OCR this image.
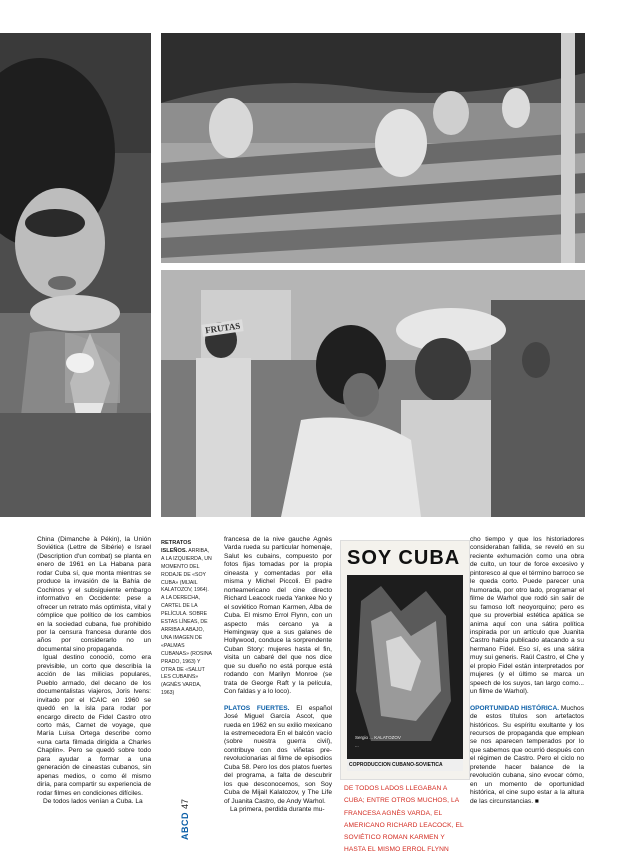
FRUTAS

China (Dimanche à Pékin), la Unión Soviética (Lettre de Sibérie) e Israel (Description d'un combat) se planta en enero de 1961 en La Habana para rodar Cuba sí, que monta mientras se produce la invasión de la Bahía de Cochinos y el subsiguiente embargo informativo en Occidente: pese a ofrecer un retrato más optimista, vital y cómplice que político de los cambios en la sociedad cubana, fue prohibido por la censura francesa durante dos años por considerarlo no un documental sino propaganda.

Igual destino conoció, como era previsible, un corto que describía la acción de las milicias populares, Pueblo armado, del decano de los documentalistas viajeros, Joris Ivens: invitado por el ICAIC en 1960 se quedó en la isla para rodar por encargo directo de Fidel Castro otro corto más, Carnet de voyage, que María Luisa Ortega describe como «una carta filmada dirigida a Charles Chaplin». Pero se quedó sobre todo para ayudar a formar a una generación de cineastas cubanos, sin apenas medios, o como él mismo diría, para compartir su experiencia de rodar filmes en condiciones difíciles.

De todos lados venían a Cuba. La

RETRATOS ISLEÑOS. ARRIBA, A LA IZQUIERDA, UN MOMENTO DEL RODAJE DE «SOY CUBA» (MIJAIL KALATOZOV, 1964). A LA DERECHA, CARTEL DE LA PELÍCULA. SOBRE ESTAS LÍNEAS, DE ARRIBA A ABAJO, UNA IMAGEN DE «PALMAS CUBANAS» (ROSINA PRADO, 1963) Y OTRA DE «SALUT LES CUBAINS» (AGNÈS VARDA, 1963)
ABCD
47

francesa de la nive gauche Agnès Varda rueda su particular homenaje, Salut les cubains, compuesto por fotos fijas tomadas por la propia cineasta y comentadas por ella misma y Michel Piccoli. El padre norteamericano del cine directo Richard Leacock rueda Yankee No y el soviético Roman Karmen, Alba de Cuba. El mismo Errol Flynn, con un aspecto más cercano ya a Hemingway que a sus galanes de Hollywood, conduce la sorprendente Cuban Story: mujeres hasta el fin, visita un cabaré del que nos dice que su dueño no está porque está rodando con Marilyn Monroe (se trata de George Raft y la película, Con faldas y a lo loco).

PLATOS FUERTES. El español José Miguel García Ascot, que rueda en 1962 en su exilio mexicano la estremecedora En el balcón vacío (sobre nuestra guerra civil), contribuye con dos viñetas pre-revolucionarias al filme de episodios Cuba 58. Pero los dos platos fuertes del programa, a falta de descubrir los que desconocemos, son Soy Cuba de Mijail Kalatozov, y The Life of Juanita Castro, de Andy Warhol.

La primera, perdida durante mu-

SOY CUBA
Sergio ... KALATOZOV
...
COPRODUCCION CUBANO-SOVIETICA
DE TODOS LADOS LLEGABAN A CUBA; ENTRE OTROS MUCHOS, LA FRANCESA AGNÈS VARDA, EL AMERICANO RICHARD LEACOCK, EL SOVIÉTICO ROMAN KARMEN Y HASTA EL MISMO ERROL FLYNN

cho tiempo y que los historiadores consideraban fallida, se reveló en su reciente exhumación como una obra de culto, un tour de force excesivo y pintoresco al que el término barroco se le queda corto. Puede parecer una humorada, por otro lado, programar el filme de Warhol que rodó sin salir de su famoso loft neoyorquino; pero es que su proverbial estética apática se anima aquí con una sátira política inspirada por un artículo que Juanita Castro había publicado atacando a su hermano Fidel. Eso sí, es una sátira muy sui generis. Raúl Castro, el Che y el propio Fidel están interpretados por mujeres (y el último se marca un speech de los suyos, tan largo como... un filme de Warhol).

OPORTUNIDAD HISTÓRICA. Muchos de estos títulos son artefactos históricos. Su espíritu exultante y los recursos de propaganda que emplean se nos aparecen temperados por lo que sabemos que ocurrió después con el régimen de Castro. Pero el ciclo no pretende hacer balance de la revolución cubana, sino evocar cómo, en un momento de oportunidad histórica, el cine supo estar a la altura de las circunstancias. ■
